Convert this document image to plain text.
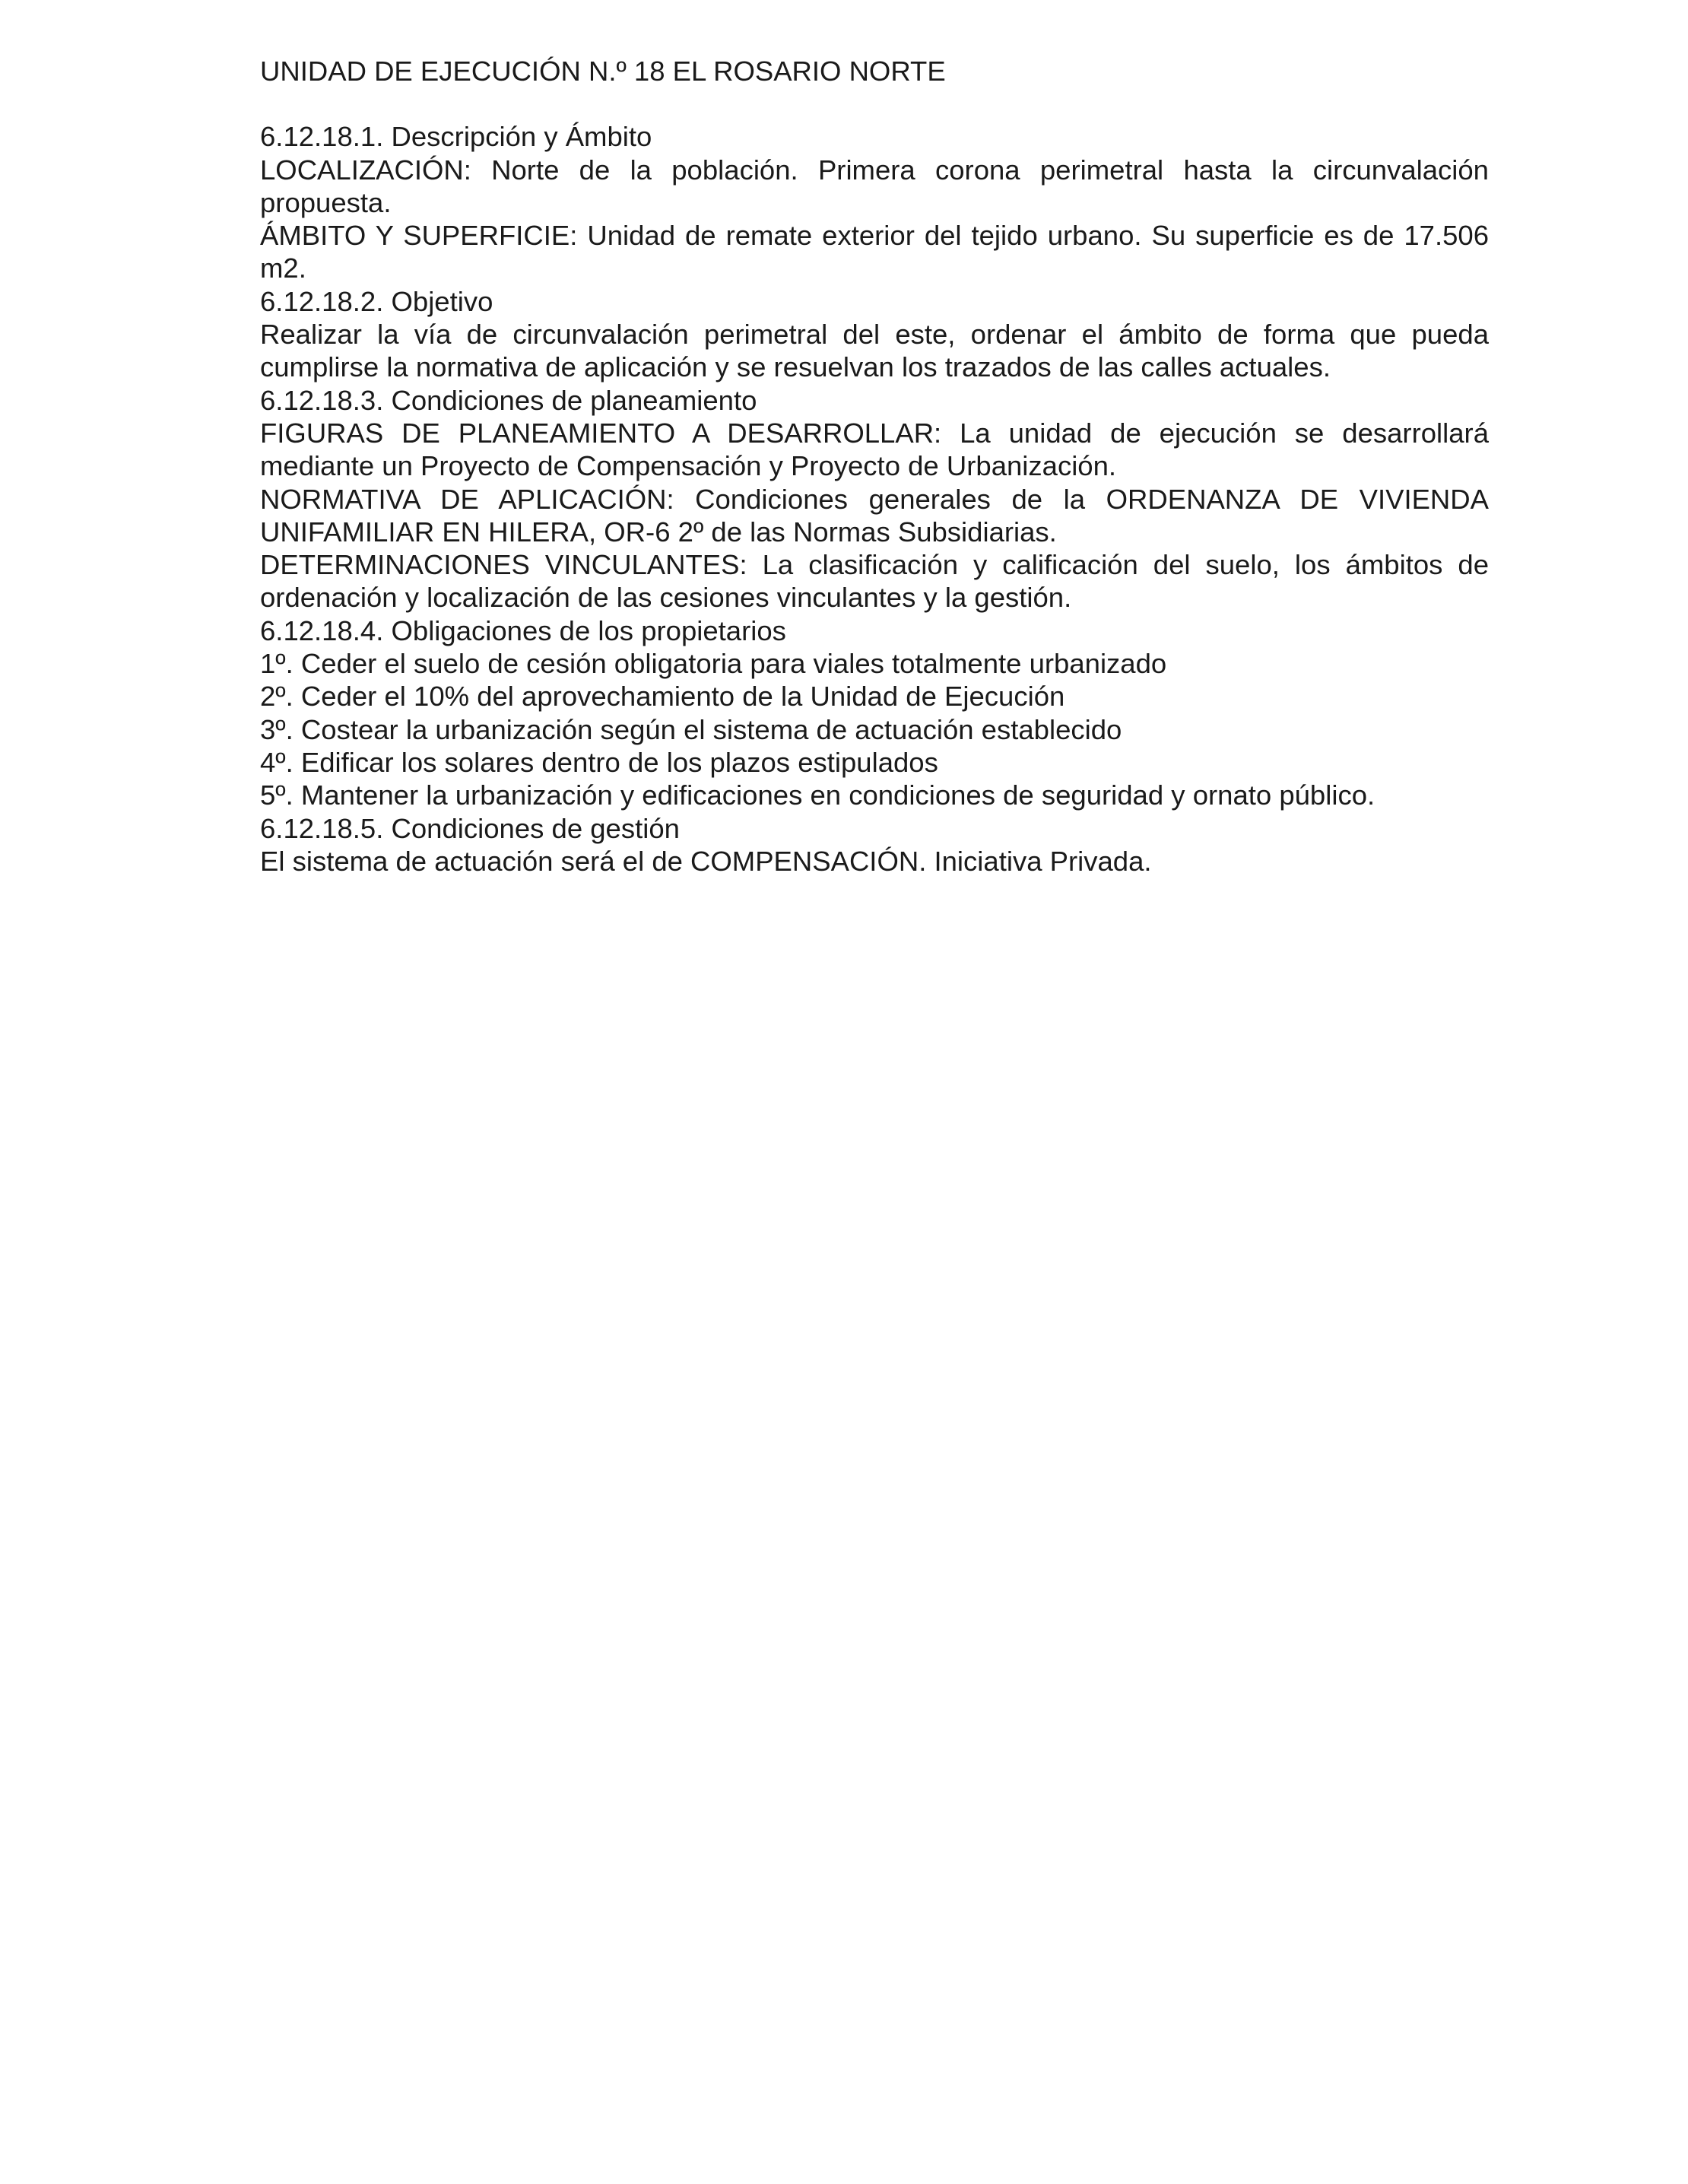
UNIDAD DE EJECUCIÓN N.º 18 EL ROSARIO NORTE

6.12.18.1. Descripción y Ámbito

LOCALIZACIÓN: Norte de la población. Primera corona perimetral hasta la circunvalación propuesta.

ÁMBITO Y SUPERFICIE: Unidad de remate exterior del tejido urbano. Su superficie es de 17.506 m2.

6.12.18.2. Objetivo

Realizar la vía de circunvalación perimetral del este, ordenar el ámbito de forma que pueda cumplirse la normativa de aplicación y se resuelvan los trazados de las calles actuales.

6.12.18.3. Condiciones de planeamiento

FIGURAS DE PLANEAMIENTO A DESARROLLAR: La unidad de ejecución se desarrollará mediante un Proyecto de Compensación y Proyecto de Urbanización.

NORMATIVA DE APLICACIÓN: Condiciones generales de la ORDENANZA DE VIVIENDA UNIFAMILIAR EN HILERA, OR-6 2º de las Normas Subsidiarias.

DETERMINACIONES VINCULANTES: La clasificación y calificación del suelo, los ámbitos de ordenación y localización de las cesiones vinculantes y la gestión.

6.12.18.4. Obligaciones de los propietarios

1º. Ceder el suelo de cesión obligatoria para viales totalmente urbanizado

2º. Ceder el 10% del aprovechamiento de la Unidad de Ejecución

3º. Costear la urbanización según el sistema de actuación establecido

4º. Edificar los solares dentro de los plazos estipulados

5º. Mantener la urbanización y edificaciones en condiciones de seguridad y ornato público.

6.12.18.5. Condiciones de gestión

El sistema de actuación será el de COMPENSACIÓN. Iniciativa Privada.
